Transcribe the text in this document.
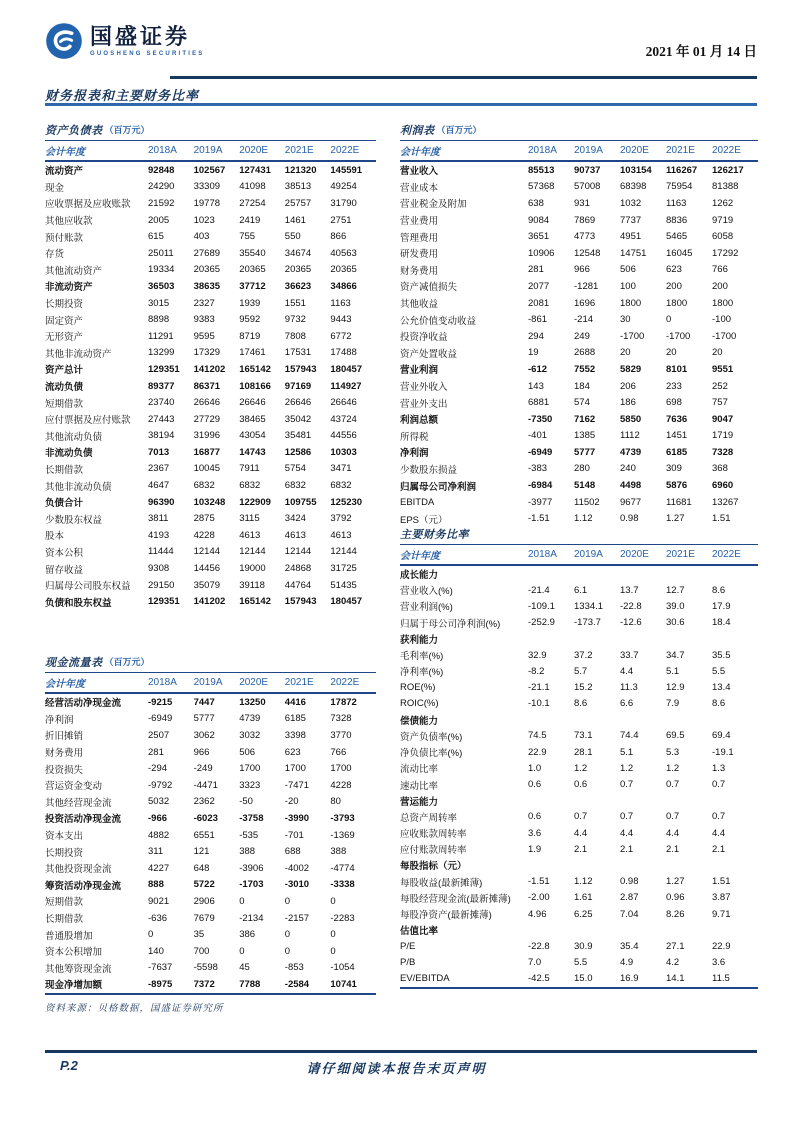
国盛证券
GUOSHENG SECURITIES	2021 年 01 月 14 日
财务报表和主要财务比率
资产负债表 （百万元）
会计年度	2018A	2019A	2020E	2021E	2022E
流动资产	92848	102567	127431	121320	145591
现金	24290	33309	41098	38513	49254
应收票据及应收账款	21592	19778	27254	25757	31790
其他应收款	2005	1023	2419	1461	2751
预付账款	615	403	755	550	866
存货	25011	27689	35540	34674	40563
其他流动资产	19334	20365	20365	20365	20365
非流动资产	36503	38635	37712	36623	34866
长期投资	3015	2327	1939	1551	1163
固定资产	8898	9383	9592	9732	9443
无形资产	11291	9595	8719	7808	6772
其他非流动资产	13299	17329	17461	17531	17488
资产总计	129351	141202	165142	157943	180457
流动负债	89377	86371	108166	97169	114927
短期借款	23740	26646	26646	26646	26646
应付票据及应付账款	27443	27729	38465	35042	43724
其他流动负债	38194	31996	43054	35481	44556
非流动负债	7013	16877	14743	12586	10303
长期借款	2367	10045	7911	5754	3471
其他非流动负债	4647	6832	6832	6832	6832
负债合计	96390	103248	122909	109755	125230
少数股东权益	3811	2875	3115	3424	3792
股本	4193	4228	4613	4613	4613
资本公积	11444	12144	12144	12144	12144
留存收益	9308	14456	19000	24868	31725
归属母公司股东权益	29150	35079	39118	44764	51435
负债和股东权益	129351	141202	165142	157943	180457
利润表 （百万元）
会计年度	2018A	2019A	2020E	2021E	2022E
营业收入	85513	90737	103154	116267	126217
营业成本	57368	57008	68398	75954	81388
营业税金及附加	638	931	1032	1163	1262
营业费用	9084	7869	7737	8836	9719
管理费用	3651	4773	4951	5465	6058
研发费用	10906	12548	14751	16045	17292
财务费用	281	966	506	623	766
资产减值损失	2077	-1281	100	200	200
其他收益	2081	1696	1800	1800	1800
公允价值变动收益	-861	-214	30	0	-100
投资净收益	294	249	-1700	-1700	-1700
资产处置收益	19	2688	20	20	20
营业利润	-612	7552	5829	8101	9551
营业外收入	143	184	206	233	252
营业外支出	6881	574	186	698	757
利润总额	-7350	7162	5850	7636	9047
所得税	-401	1385	1112	1451	1719
净利润	-6949	5777	4739	6185	7328
少数股东损益	-383	280	240	309	368
归属母公司净利润	-6984	5148	4498	5876	6960
EBITDA	-3977	11502	9677	11681	13267
EPS（元）	-1.51	1.12	0.98	1.27	1.51
主要财务比率
会计年度	2018A	2019A	2020E	2021E	2022E
成长能力
营业收入(%)	-21.4	6.1	13.7	12.7	8.6
营业利润(%)	-109.1	1334.1	-22.8	39.0	17.9
归属于母公司净利润(%)	-252.9	-173.7	-12.6	30.6	18.4
获利能力
毛利率(%)	32.9	37.2	33.7	34.7	35.5
净利率(%)	-8.2	5.7	4.4	5.1	5.5
ROE(%)	-21.1	15.2	11.3	12.9	13.4
ROIC(%)	-10.1	8.6	6.6	7.9	8.6
偿债能力
资产负债率(%)	74.5	73.1	74.4	69.5	69.4
净负债比率(%)	22.9	28.1	5.1	5.3	-19.1
流动比率	1.0	1.2	1.2	1.2	1.3
速动比率	0.6	0.6	0.7	0.7	0.7
营运能力
总资产周转率	0.6	0.7	0.7	0.7	0.7
应收账款周转率	3.6	4.4	4.4	4.4	4.4
应付账款周转率	1.9	2.1	2.1	2.1	2.1
每股指标（元）
每股收益(最新摊薄)	-1.51	1.12	0.98	1.27	1.51
每股经营现金流(最新摊薄)	-2.00	1.61	2.87	0.96	3.87
每股净资产(最新摊薄)	4.96	6.25	7.04	8.26	9.71
估值比率
P/E	-22.8	30.9	35.4	27.1	22.9
P/B	7.0	5.5	4.9	4.2	3.6
EV/EBITDA	-42.5	15.0	16.9	14.1	11.5
现金流量表 （百万元）
会计年度	2018A	2019A	2020E	2021E	2022E
经营活动净现金流	-9215	7447	13250	4416	17872
净利润	-6949	5777	4739	6185	7328
折旧摊销	2507	3062	3032	3398	3770
财务费用	281	966	506	623	766
投资损失	-294	-249	1700	1700	1700
营运资金变动	-9792	-4471	3323	-7471	4228
其他经营现金流	5032	2362	-50	-20	80
投资活动净现金流	-966	-6023	-3758	-3990	-3793
资本支出	4882	6551	-535	-701	-1369
长期投资	311	121	388	688	388
其他投资现金流	4227	648	-3906	-4002	-4774
筹资活动净现金流	888	5722	-1703	-3010	-3338
短期借款	9021	2906	0	0	0
长期借款	-636	7679	-2134	-2157	-2283
普通股增加	0	35	386	0	0
资本公积增加	140	700	0	0	0
其他筹资现金流	-7637	-5598	45	-853	-1054
现金净增加额	-8975	7372	7788	-2584	10741
资料来源：贝格数据，国盛证券研究所
请仔细阅读本报告末页声明
P.2
